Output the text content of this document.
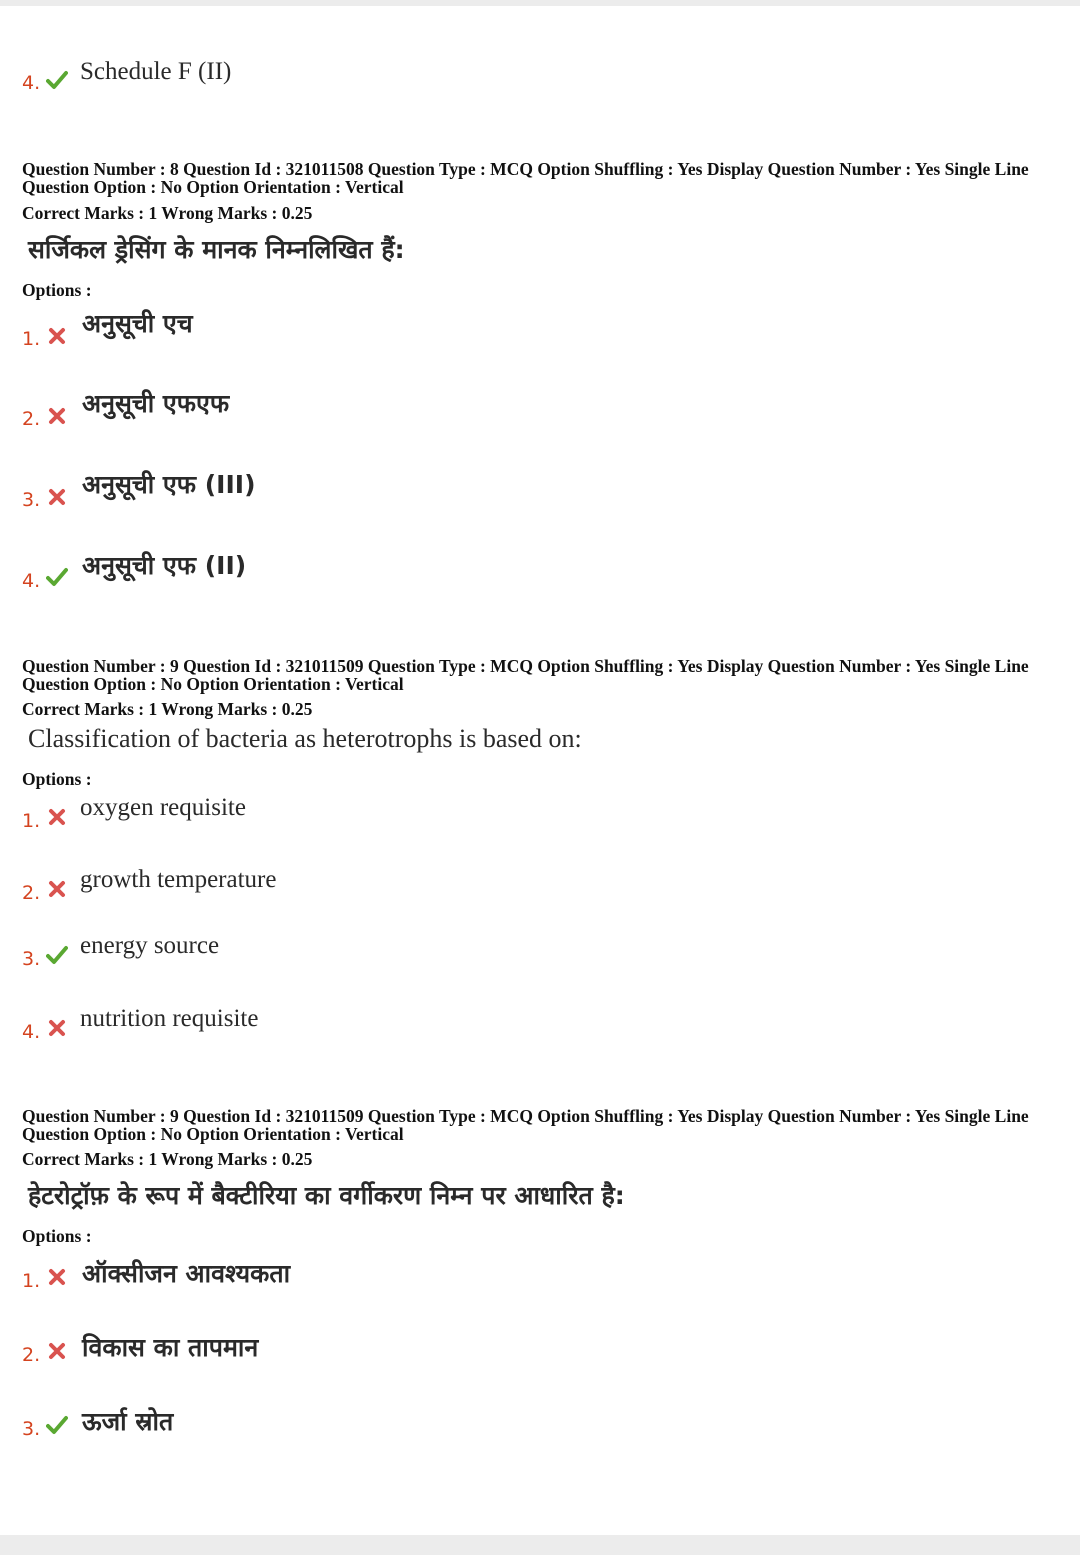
4. Schedule F (II)
Question Number : 8 Question Id : 321011508 Question Type : MCQ Option Shuffling : Yes Display Question Number : Yes Single Line Question Option : No Option Orientation : Vertical
Correct Marks : 1 Wrong Marks : 0.25
सर्जिकल ड्रेसिंग के मानक निम्नलिखित हैं:
Options :
1.
अनुसूची एच
2.
अनुसूची एफएफ
3.
अनुसूची एफ (III)
4.
अनुसूची एफ (II)
Question Number : 9 Question Id : 321011509 Question Type : MCQ Option Shuffling : Yes Display Question Number : Yes Single Line Question Option : No Option Orientation : Vertical
Correct Marks : 1 Wrong Marks : 0.25
Classification of bacteria as heterotrophs is based on:
Options :
1. oxygen requisite
2. growth temperature
3. energy source
4. nutrition requisite
Question Number : 9 Question Id : 321011509 Question Type : MCQ Option Shuffling : Yes Display Question Number : Yes Single Line Question Option : No Option Orientation : Vertical
Correct Marks : 1 Wrong Marks : 0.25
हेटरोट्रॉफ़ के रूप में बैक्टीरिया का वर्गीकरण निम्न पर आधारित है:
Options :
1. ऑक्सीजन आवश्यकता
2. विकास का तापमान
3. ऊर्जा स्रोत
